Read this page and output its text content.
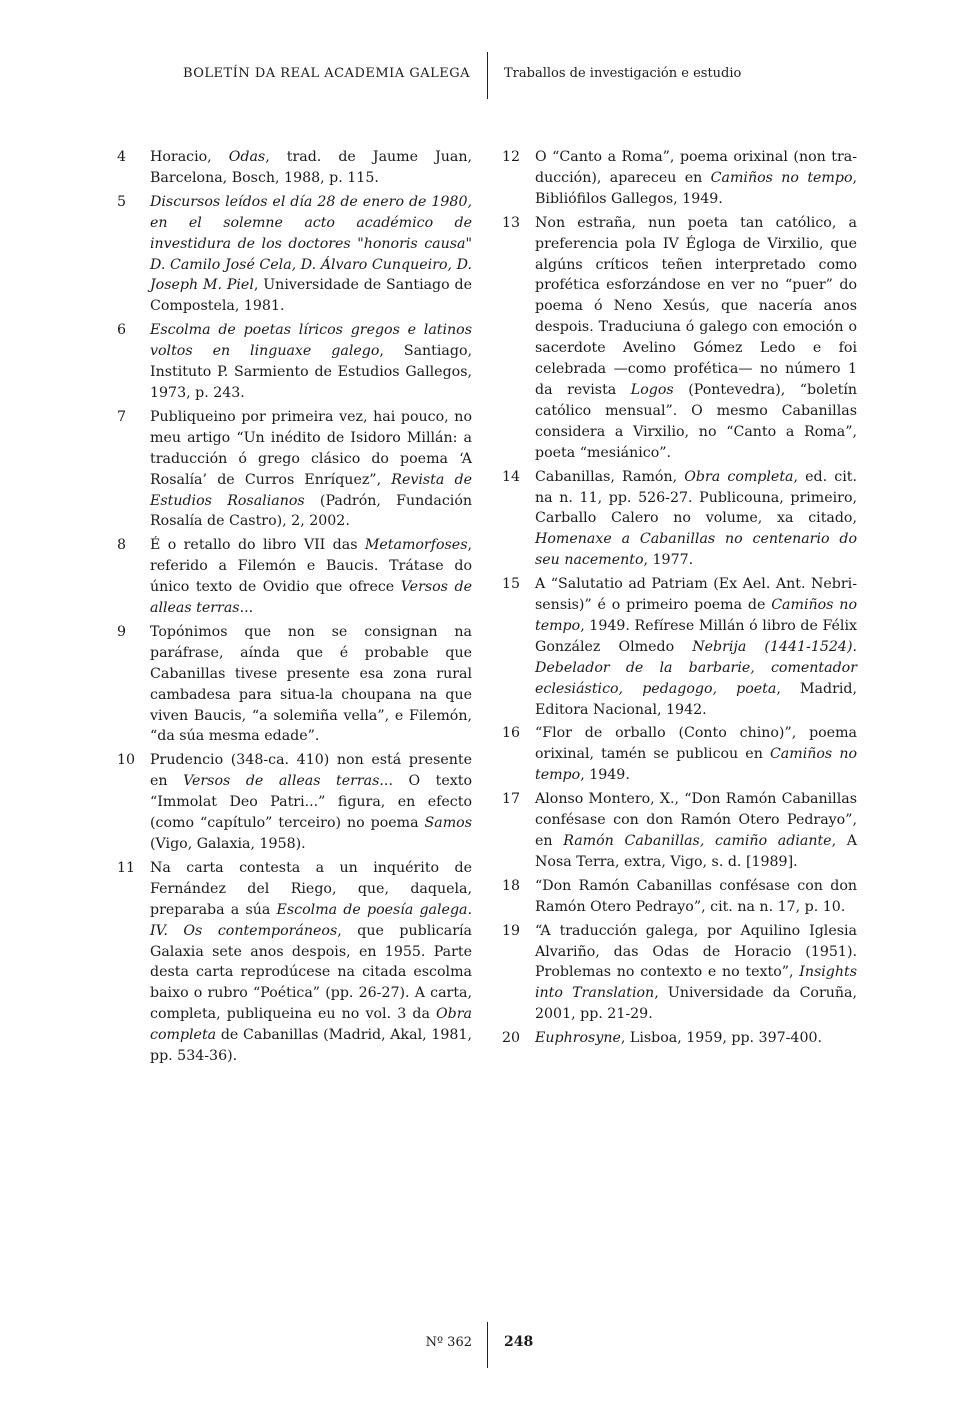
BOLETÍN DA REAL ACADEMIA GALEGA	Traballos de investigación e estudio
4	Horacio, Odas, trad. de Jaume Juan, Barcelona, Bosch, 1988, p. 115.
5	Discursos leídos el día 28 de enero de 1980, en el solemne acto académico de investidura de los doctores "honoris causa" D. Camilo José Cela, D. Álvaro Cunqueiro, D. Joseph M. Piel, Universidade de Santiago de Compostela, 1981.
6	Escolma de poetas líricos gregos e latinos voltos en linguaxe galego, Santiago, Instituto P. Sarmiento de Estudios Gallegos, 1973, p. 243.
7	Publiqueino por primeira vez, hai pouco, no meu artigo “Un inédito de Isidoro Millán: a traducción ó grego clásico do poema ‘A Rosalía’ de Curros Enríquez”, Revista de Estudios Rosalianos (Padrón, Fundación Rosalía de Castro), 2, 2002.
8	É o retallo do libro VII das Metamorfoses, referido a Filemón e Baucis. Trátase do único texto de Ovidio que ofrece Versos de alleas terras...
9	Topónimos que non se consignan na paráfrase, aínda que é probable que Cabanillas tivese presente esa zona rural cambadesa para situa-la choupana na que viven Baucis, “a solemiña vella”, e Filemón, “da súa mesma edade”.
10	Prudencio (348-ca. 410) non está presente en Versos de alleas terras... O texto “Immolat Deo Patri...” figura, en efecto (como “capítulo” terceiro) no poema Samos (Vigo, Galaxia, 1958).
11	Na carta contesta a un inquérito de Fernández del Riego, que, daquela, preparaba a súa Escolma de poesía galega. IV. Os contemporáneos, que publicaría Galaxia sete anos despois, en 1955. Parte desta carta reprodúcese na citada escolma baixo o rubro “Poética” (pp. 26-27). A carta, completa, publiqueina eu no vol. 3 da Obra completa de Cabanillas (Madrid, Akal, 1981, pp. 534-36).
12	O “Canto a Roma”, poema orixinal (non traducción), apareceu en Camiños no tempo, Bibliófilos Gallegos, 1949.
13	Non estraña, nun poeta tan católico, a preferencia pola IV Égloga de Virxilio, que algúns críticos teñen interpretado como profética esforzándose en ver no “puer” do poema ó Neno Xesús, que nacería anos despois. Traduciuna ó galego con emoción o sacerdote Avelino Gómez Ledo e foi celebrada —como profética— no número 1 da revista Logos (Pontevedra), “boletín católico mensual”. O mesmo Cabanillas considera a Virxilio, no “Canto a Roma”, poeta “mesiánico”.
14	Cabanillas, Ramón, Obra completa, ed. cit. na n. 11, pp. 526-27. Publicouna, primeiro, Carballo Calero no volume, xa citado, Homenaxe a Cabanillas no centenario do seu nacemento, 1977.
15	A “Salutatio ad Patriam (Ex Ael. Ant. Nebrisensis)” é o primeiro poema de Camiños no tempo, 1949. Refírese Millán ó libro de Félix González Olmedo Nebrija (1441-1524). Debelador de la barbarie, comentador eclesiástico, pedagogo, poeta, Madrid, Editora Nacional, 1942.
16	“Flor de orballo (Conto chino)”, poema orixinal, tamén se publicou en Camiños no tempo, 1949.
17	Alonso Montero, X., “Don Ramón Cabanillas confésase con don Ramón Otero Pedrayo”, en Ramón Cabanillas, camiño adiante, A Nosa Terra, extra, Vigo, s. d. [1989].
18	“Don Ramón Cabanillas confésase con don Ramón Otero Pedrayo”, cit. na n. 17, p. 10.
19	“A traducción galega, por Aquilino Iglesia Alvariño, das Odas de Horacio (1951). Problemas no contexto e no texto”, Insights into Translation, Universidade da Coruña, 2001, pp. 21-29.
20	Euphrosyne, Lisboa, 1959, pp. 397-400.
Nº 362 248
